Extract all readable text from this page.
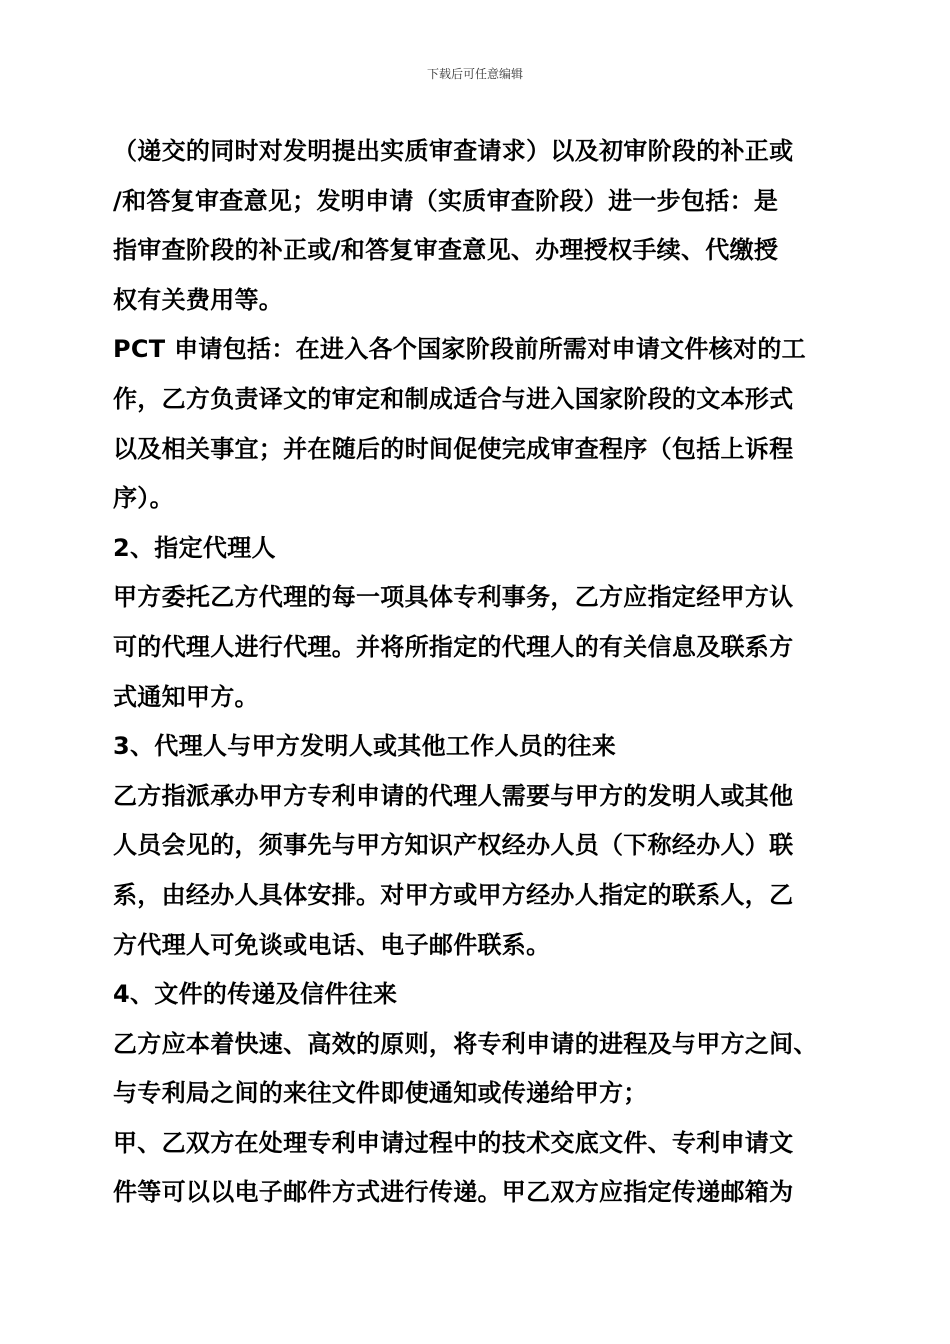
下载后可任意编辑

（递交的同时对发明提出实质审查请求）以及初审阶段的补正或
/和答复审查意见；发明申请（实质审查阶段）进一步包括：是
指审查阶段的补正或/和答复审查意见、办理授权手续、代缴授
权有关费用等。

PCT 申请包括：在进入各个国家阶段前所需对申请文件核对的工
作，乙方负责译文的审定和制成适合与进入国家阶段的文本形式
以及相关事宜；并在随后的时间促使完成审查程序（包括上诉程
序）。

2、指定代理人

甲方委托乙方代理的每一项具体专利事务，乙方应指定经甲方认
可的代理人进行代理。并将所指定的代理人的有关信息及联系方
式通知甲方。

3、代理人与甲方发明人或其他工作人员的往来

乙方指派承办甲方专利申请的代理人需要与甲方的发明人或其他
人员会见的，须事先与甲方知识产权经办人员（下称经办人）联
系，由经办人具体安排。对甲方或甲方经办人指定的联系人，乙
方代理人可免谈或电话、电子邮件联系。

4、文件的传递及信件往来

乙方应本着快速、高效的原则，将专利申请的进程及与甲方之间、
与专利局之间的来往文件即使通知或传递给甲方；

甲、乙双方在处理专利申请过程中的技术交底文件、专利申请文
件等可以以电子邮件方式进行传递。甲乙双方应指定传递邮箱为
